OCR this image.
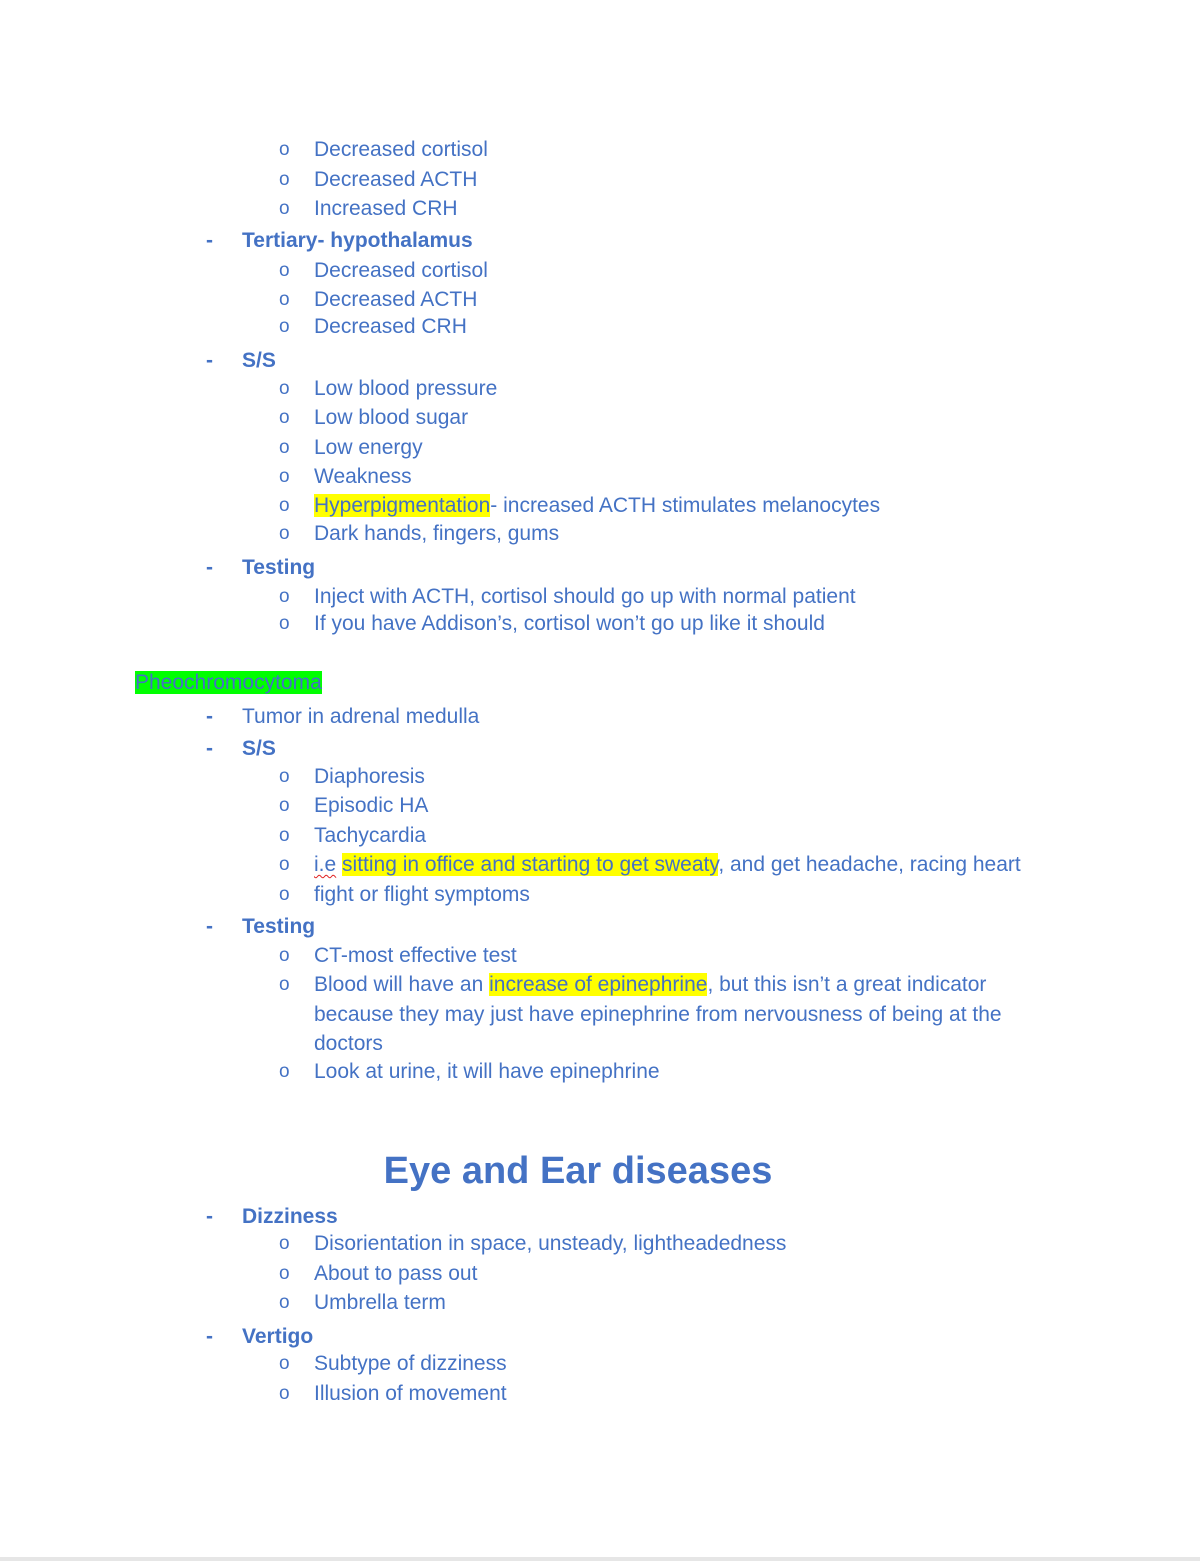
o Decreased cortisol
o Decreased ACTH
o Increased CRH
- Tertiary- hypothalamus
o Decreased cortisol
o Decreased ACTH
o Decreased CRH
- S/S
o Low blood pressure
o Low blood sugar
o Low energy
o Weakness
o Hyperpigmentation- increased ACTH stimulates melanocytes
o Dark hands, fingers, gums
- Testing
o Inject with ACTH, cortisol should go up with normal patient
o If you have Addison’s, cortisol won’t go up like it should
Pheochromocytoma
- Tumor in adrenal medulla
- S/S
o Diaphoresis
o Episodic HA
o Tachycardia
o i.e sitting in office and starting to get sweaty, and get headache, racing heart
o fight or flight symptoms
- Testing
o CT-most effective test
o Blood will have an increase of epinephrine, but this isn’t a great indicator
because they may just have epinephrine from nervousness of being at the
doctors
o Look at urine, it will have epinephrine
Eye and Ear diseases
- Dizziness
o Disorientation in space, unsteady, lightheadedness
o About to pass out
o Umbrella term
- Vertigo
o Subtype of dizziness
o Illusion of movement
